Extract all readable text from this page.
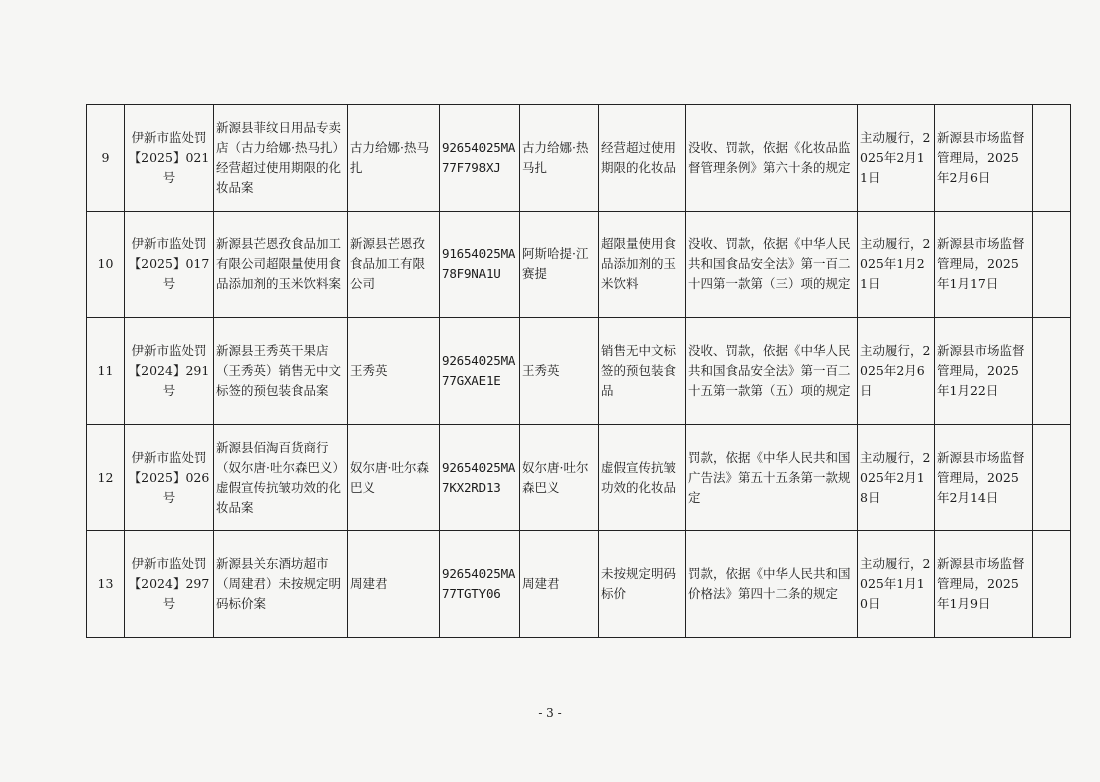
9	伊新市监处罚【2025】021号	新源县菲纹日用品专卖店（古力给娜·热马扎）经营超过使用期限的化妆品案	古力给娜·热马扎	92654025MA77F798XJ	古力给娜·热马扎	经营超过使用期限的化妆品	没收、罚款，依据《化妆品监督管理条例》第六十条的规定	主动履行，2025年2月11日	新源县市场监督管理局，2025年2月6日	
10	伊新市监处罚【2025】017号	新源县芒恩孜食品加工有限公司超限量使用食品添加剂的玉米饮料案	新源县芒恩孜食品加工有限公司	91654025MA78F9NA1U	阿斯哈提·江赛提	超限量使用食品添加剂的玉米饮料	没收、罚款，依据《中华人民共和国食品安全法》第一百二十四第一款第（三）项的规定	主动履行，2025年1月21日	新源县市场监督管理局，2025年1月17日	
11	伊新市监处罚【2024】291号	新源县王秀英干果店（王秀英）销售无中文标签的预包装食品案	王秀英	92654025MA77GXAE1E	王秀英	销售无中文标签的预包装食品	没收、罚款，依据《中华人民共和国食品安全法》第一百二十五第一款第（五）项的规定	主动履行，2025年2月6日	新源县市场监督管理局，2025年1月22日	
12	伊新市监处罚【2025】026号	新源县佰淘百货商行（奴尔唐·吐尔森巴义）虚假宣传抗皱功效的化妆品案	奴尔唐·吐尔森巴义	92654025MA7KX2RD13	奴尔唐·吐尔森巴义	虚假宣传抗皱功效的化妆品	罚款，依据《中华人民共和国广告法》第五十五条第一款规定	主动履行，2025年2月18日	新源县市场监督管理局，2025年2月14日	
13	伊新市监处罚【2024】297号	新源县关东酒坊超市（周建君）未按规定明码标价案	周建君	92654025MA77TGTY06	周建君	未按规定明码标价	罚款，依据《中华人民共和国价格法》第四十二条的规定	主动履行，2025年1月10日	新源县市场监督管理局，2025年1月9日	
- 3 -
